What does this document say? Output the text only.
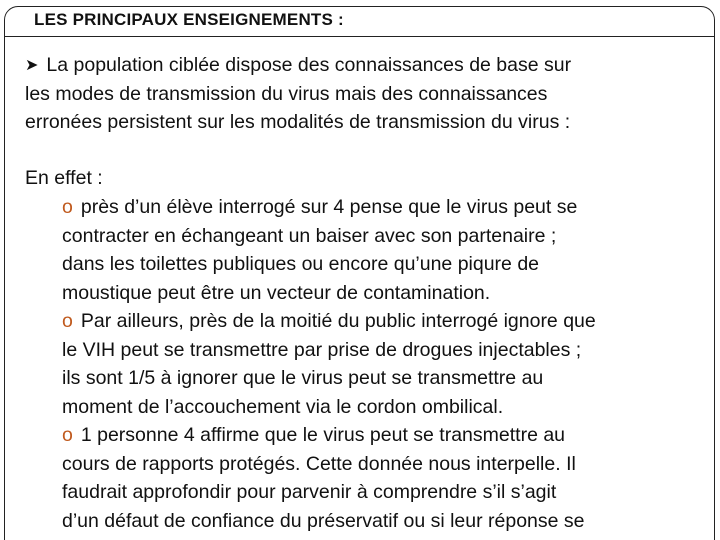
LES PRINCIPAUX ENSEIGNEMENTS :

➤ La population ciblée dispose des connaissances de base sur
les modes de transmission du virus mais des connaissances
erronées persistent sur les modalités de transmission du virus :

En effet :

o près d’un élève interrogé sur 4 pense que le virus peut se
contracter en échangeant un baiser avec son partenaire ;
dans les toilettes publiques ou encore qu’une piqure de
moustique peut être un vecteur de contamination.
o Par ailleurs, près de la moitié du public interrogé ignore que
le VIH peut se transmettre par prise de drogues injectables ;
ils sont 1/5 à ignorer que le virus peut se transmettre au
moment de l’accouchement via le cordon ombilical.
o 1 personne 4 affirme que le virus peut se transmettre au
cours de rapports protégés. Cette donnée nous interpelle. Il
faudrait approfondir pour parvenir à comprendre s’il s’agit
d’un défaut de confiance du préservatif ou si leur réponse se
